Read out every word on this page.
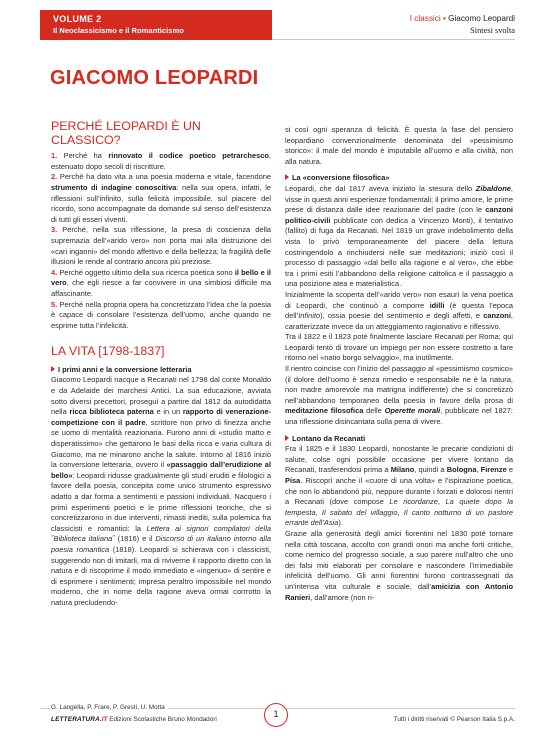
VOLUME 2
Il Neoclassicismo e il Romanticismo
I classici • Giacomo Leopardi
Sintesi svolta
GIACOMO LEOPARDI
PERCHÉ LEOPARDI È UN CLASSICO?
1. Perché ha rinnovato il codice poetico petrarchesco, estenuato dopo secoli di riscritture.
2. Perché ha dato vita a una poesia moderna e vitale, facendone strumento di indagine conoscitiva: nella sua opera, infatti, le riflessioni sull’infinito, sulla felicità impossibile, sul piacere del ricordo, sono accompagnate da domande sul senso dell’esistenza di tutti gli esseri viventi.
3. Perché, nella sua riflessione, la presa di coscienza della supremazia dell’«arido vero» non porta mai alla distruzione dei «cari inganni» del mondo affettivo e della bellezza; la fragilità delle illusioni le rende al contrario ancora più preziose.
4. Perché oggetto ultimo della sua ricerca poetica sono il bello e il vero, che egli riesce a far convivere in una simbiosi difficile ma affascinante.
5. Perché nella propria opera ha concretizzato l’idea che la poesia è capace di consolare l’esistenza dell’uomo, anche quando ne esprime tutta l’infelicità.
LA VITA [1798-1837]
I primi anni e la conversione letteraria
Giacomo Leopardi nacque a Recanati nel 1798 dal conte Monaldo e da Adelaide dei marchesi Antici. La sua educazione, avviata sotto diversi precettori, proseguì a partire dal 1812 da autodidatta nella ricca biblioteca paterna e in un rapporto di venerazione-competizione con il padre, scrittore non privo di finezza anche se uomo di mentalità reazionaria. Furono anni di «studio matto e disperatissimo» che gettarono le basi della ricca e varia cultura di Giacomo, ma ne minarono anche la salute. Intorno al 1816 iniziò la conversione letteraria, ovvero il «passaggio dall’erudizione al bello»: Leopardi ridusse gradualmente gli studi eruditi e filologici a favore della poesia, concepita come unico strumento espressivo adatto a dar forma a sentimenti e passioni individuali. Nacquero i primi esperimenti poetici e le prime riflessioni teoriche, che si concretizzarono in due interventi, rimasti inediti, sulla polemica fra classicisti e romantici: la Lettera ai signori compilatori della ˝Biblioteca italiana˝ (1816) e il Discorso di un italiano intorno alla poesia romantica (1818). Leopardi si schierava con i classicisti, suggerendo non di imitarli, ma di riviverne il rapporto diretto con la natura e di riscoprirne il modo immediato e «ingenuo» di sentire e di esprimere i sentimenti; impresa peraltro impossibile nel mondo moderno, che in nome della ragione aveva ormai corrrotto la natura precludendo-
si così ogni speranza di felicità. È questa la fase del pensiero leopardiano convenzionalmente denominata del «pessimismo storico»: il male del mondo è imputabile all’uomo e alla civiltà, non alla natura.
La «conversione filosofica»
Leopardi, che dal 1817 aveva iniziato la stesura dello Zibaldone, visse in questi anni esperienze fondamentali; il primo amore, le prime prese di distanza dalle idee reazionarie del padre (con le canzoni politico-civili pubblicate con dedica a Vincenzo Monti), il tentativo (fallito) di fuga da Recanati. Nel 1819 un grave indebolimento della vista lo privò temporaneamente del piacere della lettura costringendolo a rinchiudersi nelle sue meditazioni; iniziò così il processo di passaggio «dal bello alla ragione e al vero», che ebbe tra i primi esiti l’abbandono della religione cattolica e il passaggio a una posizione atea e materialistica.
Inizialmente la scoperta dell’«arido vero» non esaurì la vena poetica di Leopardi, che continuò a comporre idilli (è questa l’epoca dell’Infinito), ossia poesie del sentimento e degli affetti, e canzoni, caratterizzate invece da un atteggiamento ragionativo e riflessivo.
Tra il 1822 e il 1823 poté finalmente lasciare Recanati per Roma; qui Leopardi tentò di trovare un impiego per non essere costretto a fare ritorno nel «natio borgo selvaggio», ma inutilmente.
Il rientro coincise con l’inizio del passaggio al «pessimismo cosmico» (il dolore dell’uomo è senza rimedio e responsabile ne è la natura, non madre amorevole ma matrigna indifferente) che si concretizzò nell’abbandono temporaneo della poesia in favore della prosa di meditazione filosofica delle Operette morali, pubblicate nel 1827: una riflessione disincantata sulla pena di vivere.
Lontano da Recanati
Fra il 1825 e il 1830 Leopardi, nonostante le precarie condizioni di salute, colse ogni possibile occasione per vivere lontano da Recanati, trasferendosi prima a Milano, quindi a Bologna, Firenze e Pisa. Riscoprì anche il «cuore di una volta» e l’ispirazione poetica, che non lo abbandonò più, neppure durante i forzati e dolorosi rientri a Recanati (dove compose Le ricordanze, La quiete dopo la tempesta, Il sabato del villaggio, Il canto notturno di un pastore errante dell’Asia).
Grazie alla generosità degli amici fiorentini nel 1830 poté tornare nella città toscana, accolto con grandi onori ma anche forti critiche, come nemico del progresso sociale, a suo parere null’altro che uno dei falsi miti elaborati per consolare e nascondere l’irrimediabile infelicità dell’uomo. Gli anni fiorentini furono contrassegnati da un’intensa vita culturale e sociale, dall’amicizia con Antonio Ranieri, dall’amore (non ri-
G. Langella, P. Frare, P. Gresti, U. Motta
LETTERATURA.IT Edizioni Scolastiche Bruno Mondadori	1	Tutti i diritti riservati © Pearson Italia S.p.A.
